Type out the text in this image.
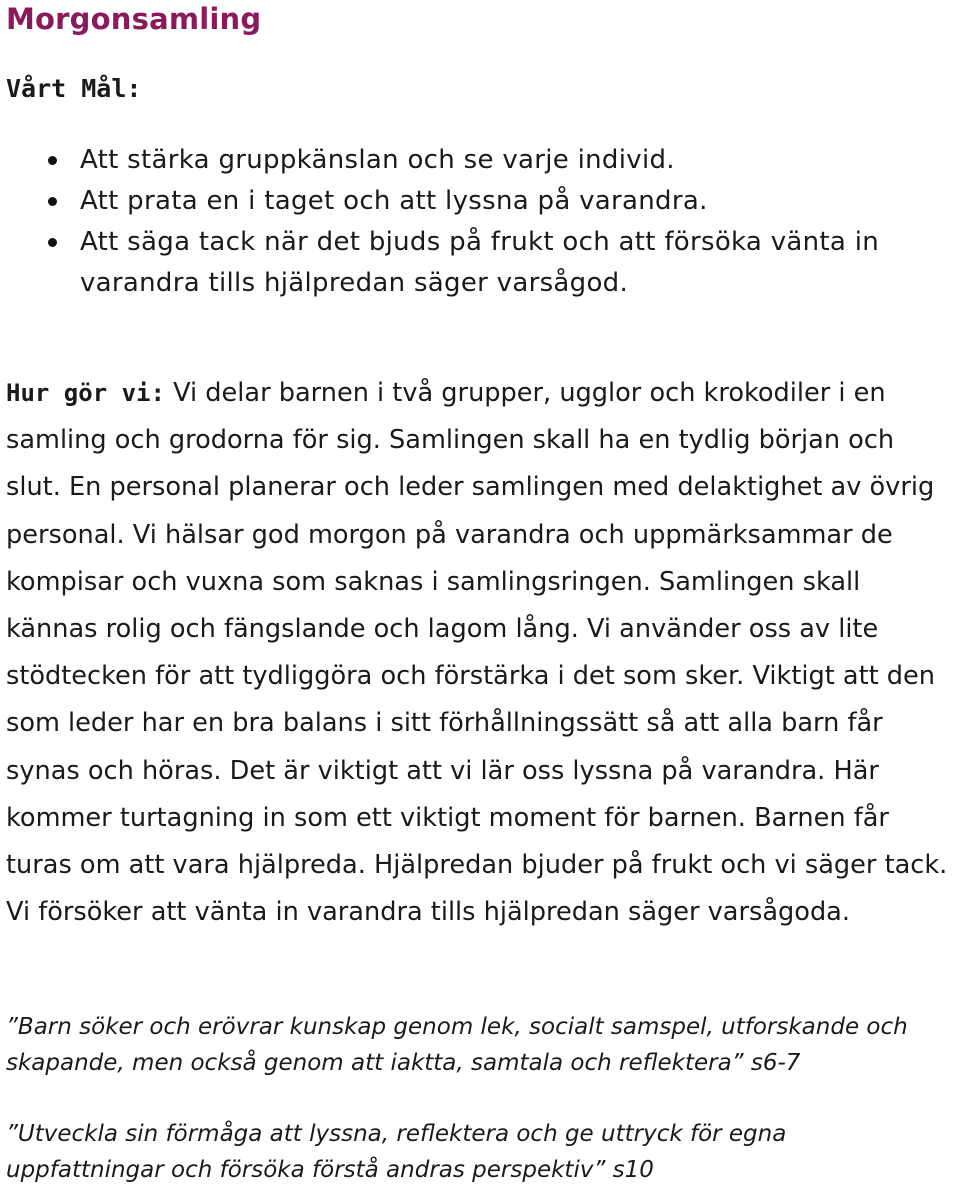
Morgonsamling
Vårt Mål:
Att stärka gruppkänslan och se varje individ.
Att prata en i taget och att lyssna på varandra.
Att säga tack när det bjuds på frukt och att försöka vänta in varandra tills hjälpredan säger varsågod.

Hur gör vi: Vi delar barnen i två grupper, ugglor och krokodiler i en samling och grodorna för sig. Samlingen skall ha en tydlig början och slut. En personal planerar och leder samlingen med delaktighet av övrig personal. Vi hälsar god morgon på varandra och uppmärksammar de kompisar och vuxna som saknas i samlingsringen. Samlingen skall kännas rolig och fängslande och lagom lång. Vi använder oss av lite stödtecken för att tydliggöra och förstärka i det som sker. Viktigt att den som leder har en bra balans i sitt förhållningssätt så att alla barn får synas och höras. Det är viktigt att vi lär oss lyssna på varandra. Här kommer turtagning in som ett viktigt moment för barnen. Barnen får turas om att vara hjälpreda. Hjälpredan bjuder på frukt och vi säger tack. Vi försöker att vänta in varandra tills hjälpredan säger varsågoda.

”Barn söker och erövrar kunskap genom lek, socialt samspel, utforskande och skapande, men också genom att iaktta, samtala och reflektera” s6-7

”Utveckla sin förmåga att lyssna, reflektera och ge uttryck för egna uppfattningar och försöka förstå andras perspektiv” s10
